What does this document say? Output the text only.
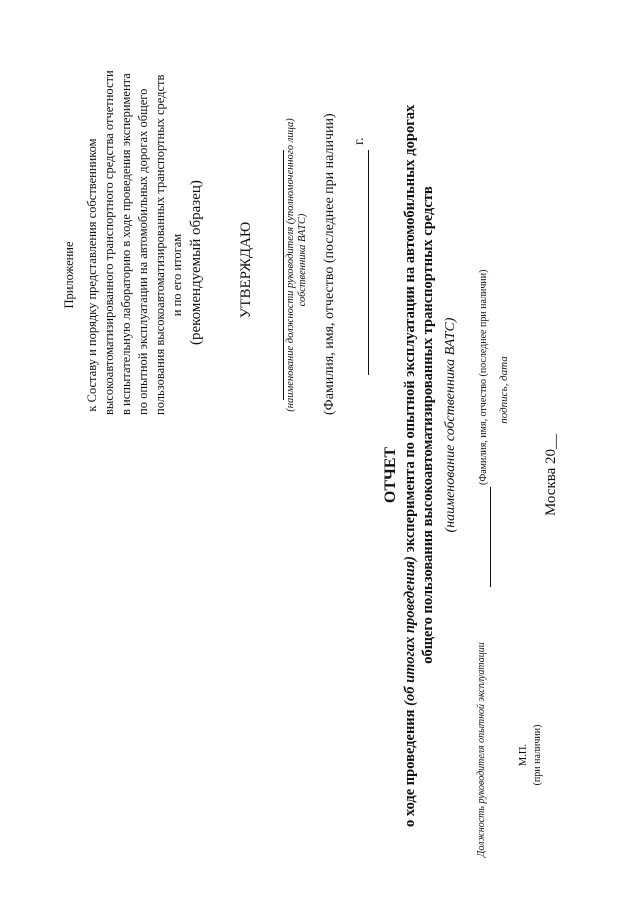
Приложение к Составу и порядку представления собственником высокоавтоматизированного транспортного средства отчетности в испытательную лабораторию в ходе проведения эксперимента по опытной эксплуатации на автомобильных дорогах общего пользования высокоавтоматизированных транспортных средств и по его итогам (рекомендуемый образец) УТВЕРЖДАЮ	(наименование должности руководителя (уполномоченного лица) собственника ВАТС) (Фамилия, имя, отчество (последнее при наличии) г.
ОТЧЕТ
о ходе проведения (об итогах проведения) эксперимента по опытной эксплуатации на автомобильных дорогах общего пользования высокоавтоматизированных транспортных средств (наименование собственника ВАТС)
Должность руководителя опытной эксплуатации
(Фамилия, имя, отчество (последнее при наличии) подпись, дата
М.П. (при наличии)
Москва 20__
